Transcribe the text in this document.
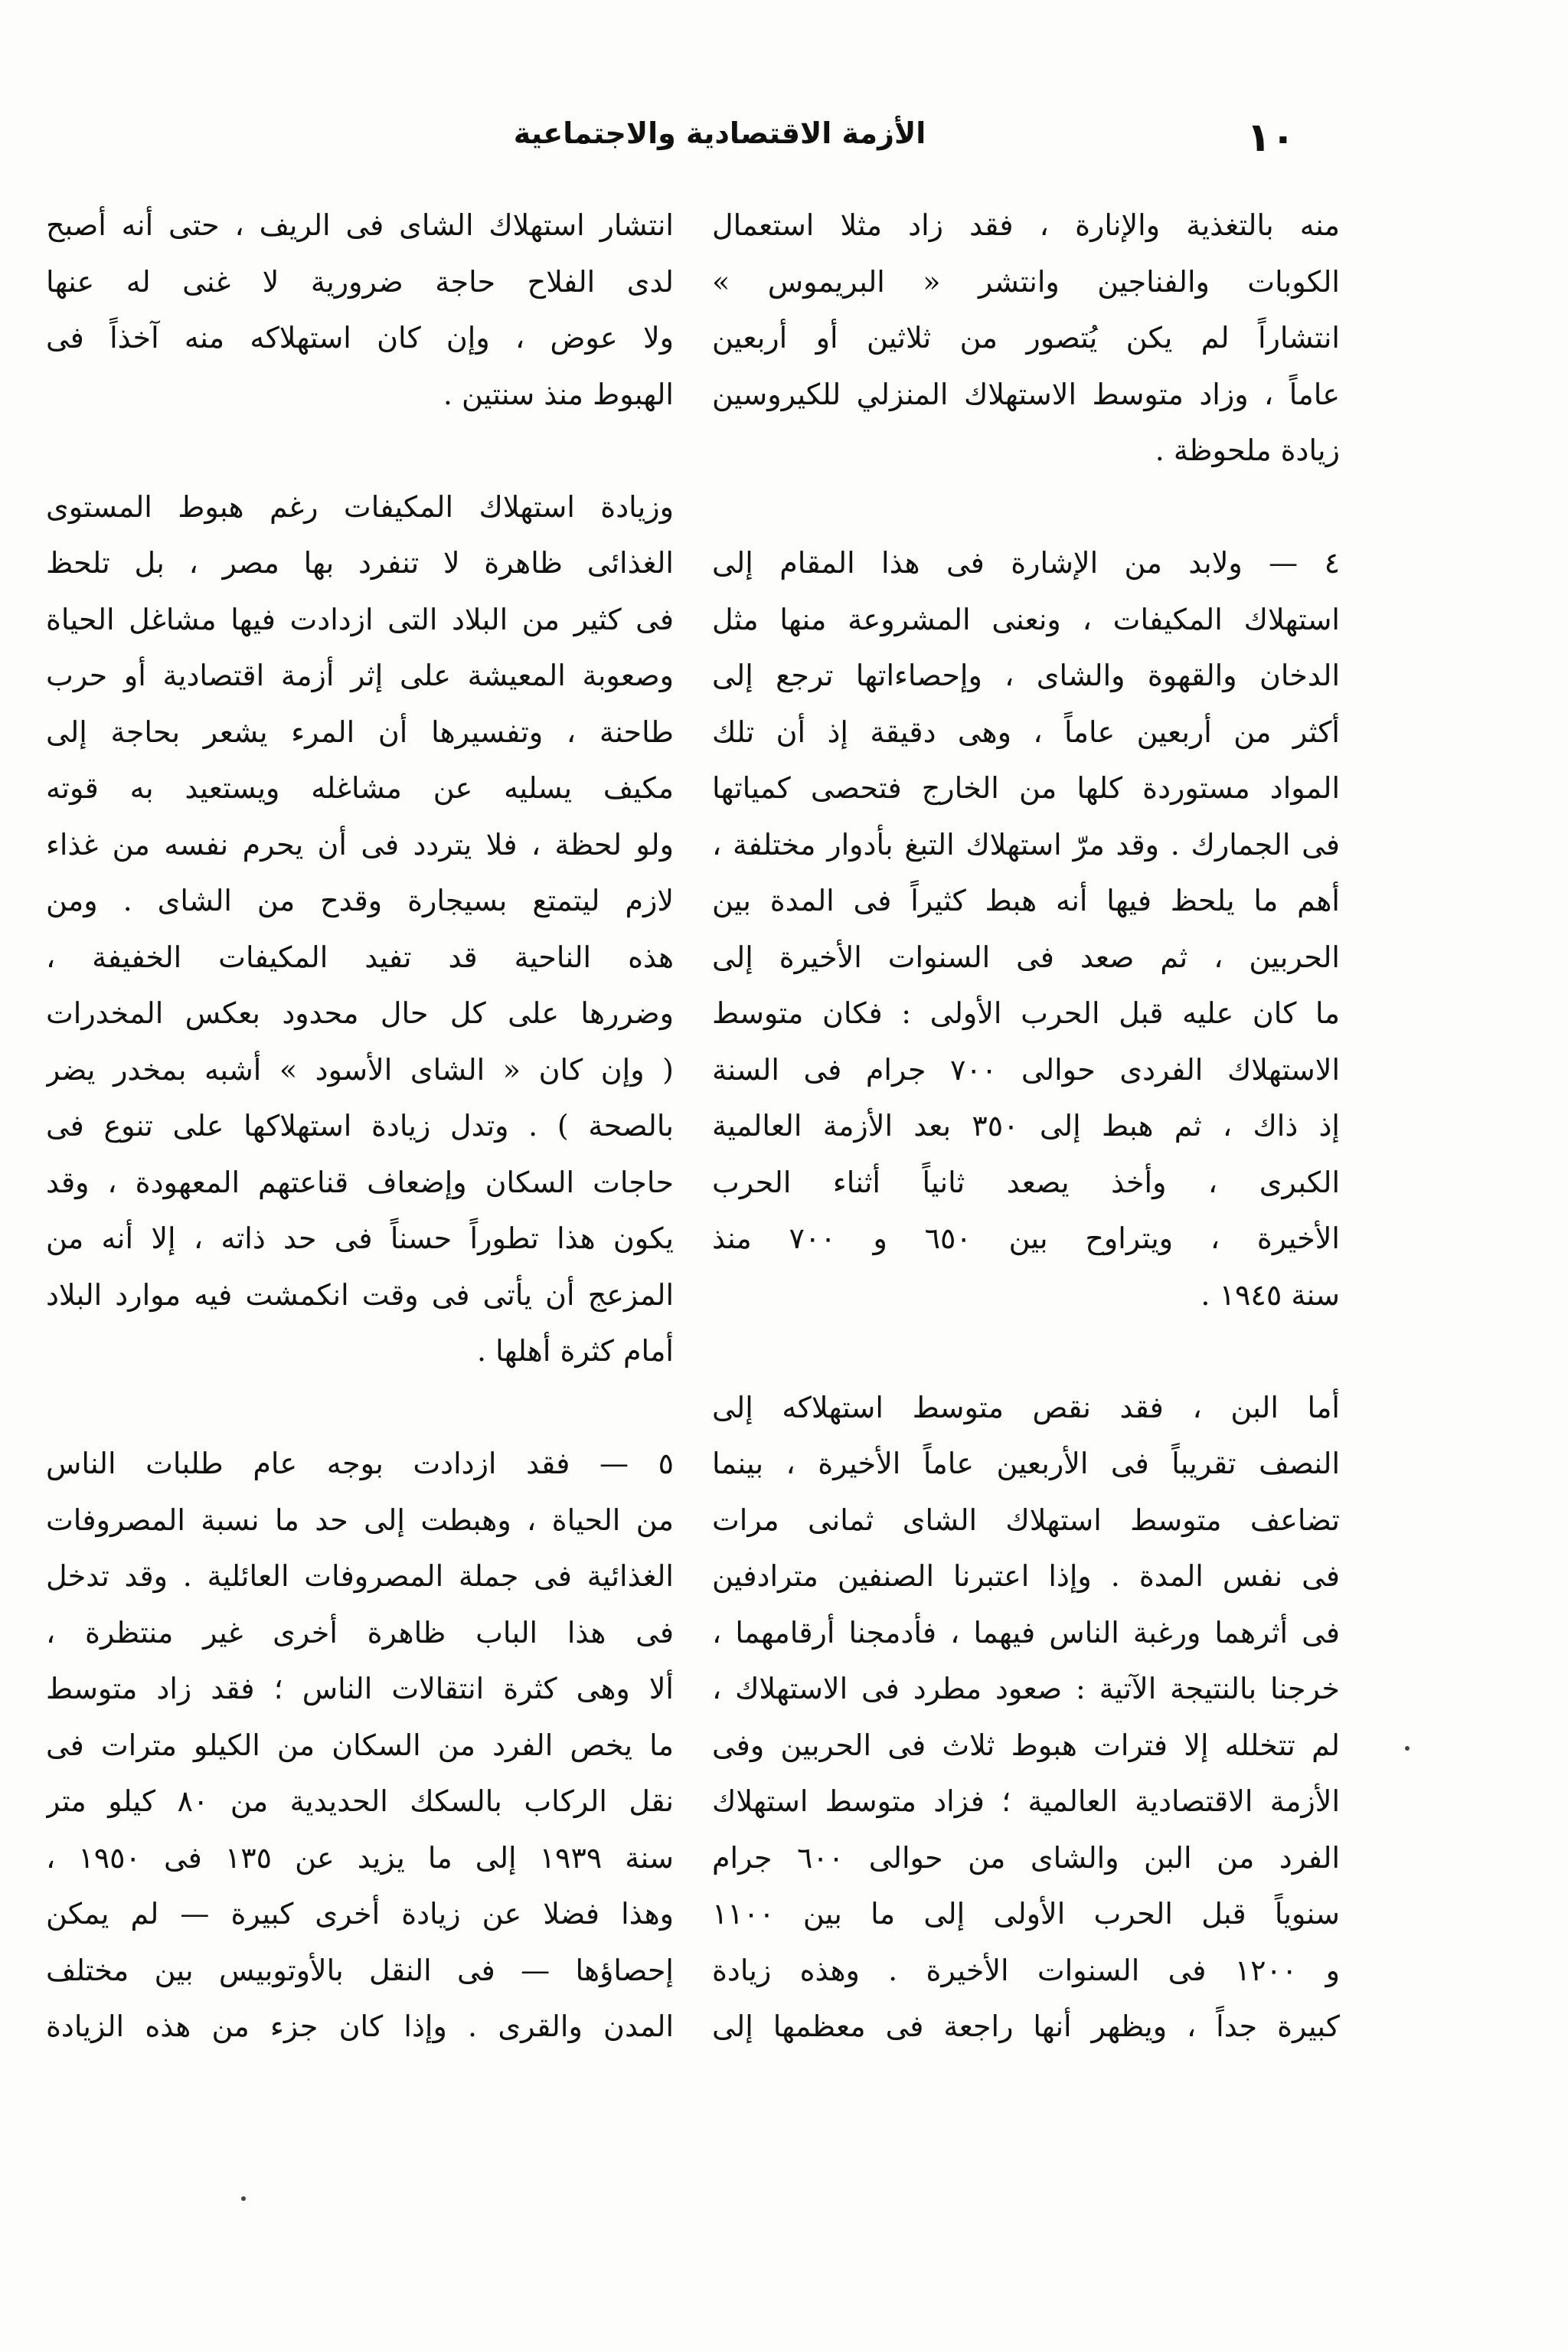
١٠
الأزمة الاقتصادية والاجتماعية
منه بالتغذية والإنارة ، فقد زاد مثلا استعمال
الكوبات والفناجين وانتشر « البريموس »
انتشاراً لم يكن يُتصور من ثلاثين أو أربعين
عاماً ، وزاد متوسط الاستهلاك المنزلي للكيروسين
زيادة ملحوظة .
٤ — ولابد من الإشارة فى هذا المقام إلى
استهلاك المكيفات ، ونعنى المشروعة منها مثل
الدخان والقهوة والشاى ، وإحصاءاتها ترجع إلى
أكثر من أربعين عاماً ، وهى دقيقة إذ أن تلك
المواد مستوردة كلها من الخارج فتحصى كمياتها
فى الجمارك . وقد مرّ استهلاك التبغ بأدوار مختلفة ،
أهم ما يلحظ فيها أنه هبط كثيراً فى المدة بين
الحربين ، ثم صعد فى السنوات الأخيرة إلى
ما كان عليه قبل الحرب الأولى : فكان متوسط
الاستهلاك الفردى حوالى ٧٠٠ جرام فى السنة
إذ ذاك ، ثم هبط إلى ٣٥٠ بعد الأزمة العالمية
الكبرى ، وأخذ يصعد ثانياً أثناء الحرب
الأخيرة ، ويتراوح بين ٦٥٠ و ٧٠٠ منذ
سنة ١٩٤٥ .
أما البن ، فقد نقص متوسط استهلاكه إلى
النصف تقريباً فى الأربعين عاماً الأخيرة ، بينما
تضاعف متوسط استهلاك الشاى ثمانى مرات
فى نفس المدة . وإذا اعتبرنا الصنفين مترادفين
فى أثرهما ورغبة الناس فيهما ، فأدمجنا أرقامهما ،
خرجنا بالنتيجة الآتية : صعود مطرد فى الاستهلاك ،
لم تتخلله إلا فترات هبوط ثلاث فى الحربين وفى
الأزمة الاقتصادية العالمية ؛ فزاد متوسط استهلاك
الفرد من البن والشاى من حوالى ٦٠٠ جرام
سنوياً قبل الحرب الأولى إلى ما بين ١١٠٠
و ١٢٠٠ فى السنوات الأخيرة . وهذه زيادة
كبيرة جداً ، ويظهر أنها راجعة فى معظمها إلى
انتشار استهلاك الشاى فى الريف ، حتى أنه أصبح
لدى الفلاح حاجة ضرورية لا غنى له عنها
ولا عوض ، وإن كان استهلاكه منه آخذاً فى
الهبوط منذ سنتين .
وزيادة استهلاك المكيفات رغم هبوط المستوى
الغذائى ظاهرة لا تنفرد بها مصر ، بل تلحظ
فى كثير من البلاد التى ازدادت فيها مشاغل الحياة
وصعوبة المعيشة على إثر أزمة اقتصادية أو حرب
طاحنة ، وتفسيرها أن المرء يشعر بحاجة إلى
مكيف يسليه عن مشاغله ويستعيد به قوته
ولو لحظة ، فلا يتردد فى أن يحرم نفسه من غذاء
لازم ليتمتع بسيجارة وقدح من الشاى . ومن
هذه الناحية قد تفيد المكيفات الخفيفة ،
وضررها على كل حال محدود بعكس المخدرات
( وإن كان « الشاى الأسود » أشبه بمخدر يضر
بالصحة ) . وتدل زيادة استهلاكها على تنوع فى
حاجات السكان وإضعاف قناعتهم المعهودة ، وقد
يكون هذا تطوراً حسناً فى حد ذاته ، إلا أنه من
المزعج أن يأتى فى وقت انكمشت فيه موارد البلاد
أمام كثرة أهلها .
٥ — فقد ازدادت بوجه عام طلبات الناس
من الحياة ، وهبطت إلى حد ما نسبة المصروفات
الغذائية فى جملة المصروفات العائلية . وقد تدخل
فى هذا الباب ظاهرة أخرى غير منتظرة ،
ألا وهى كثرة انتقالات الناس ؛ فقد زاد متوسط
ما يخص الفرد من السكان من الكيلو مترات فى
نقل الركاب بالسكك الحديدية من ٨٠ كيلو متر
سنة ١٩٣٩ إلى ما يزيد عن ١٣٥ فى ١٩٥٠ ،
وهذا فضلا عن زيادة أخرى كبيرة — لم يمكن
إحصاؤها — فى النقل بالأوتوبيس بين مختلف
المدن والقرى . وإذا كان جزء من هذه الزيادة
